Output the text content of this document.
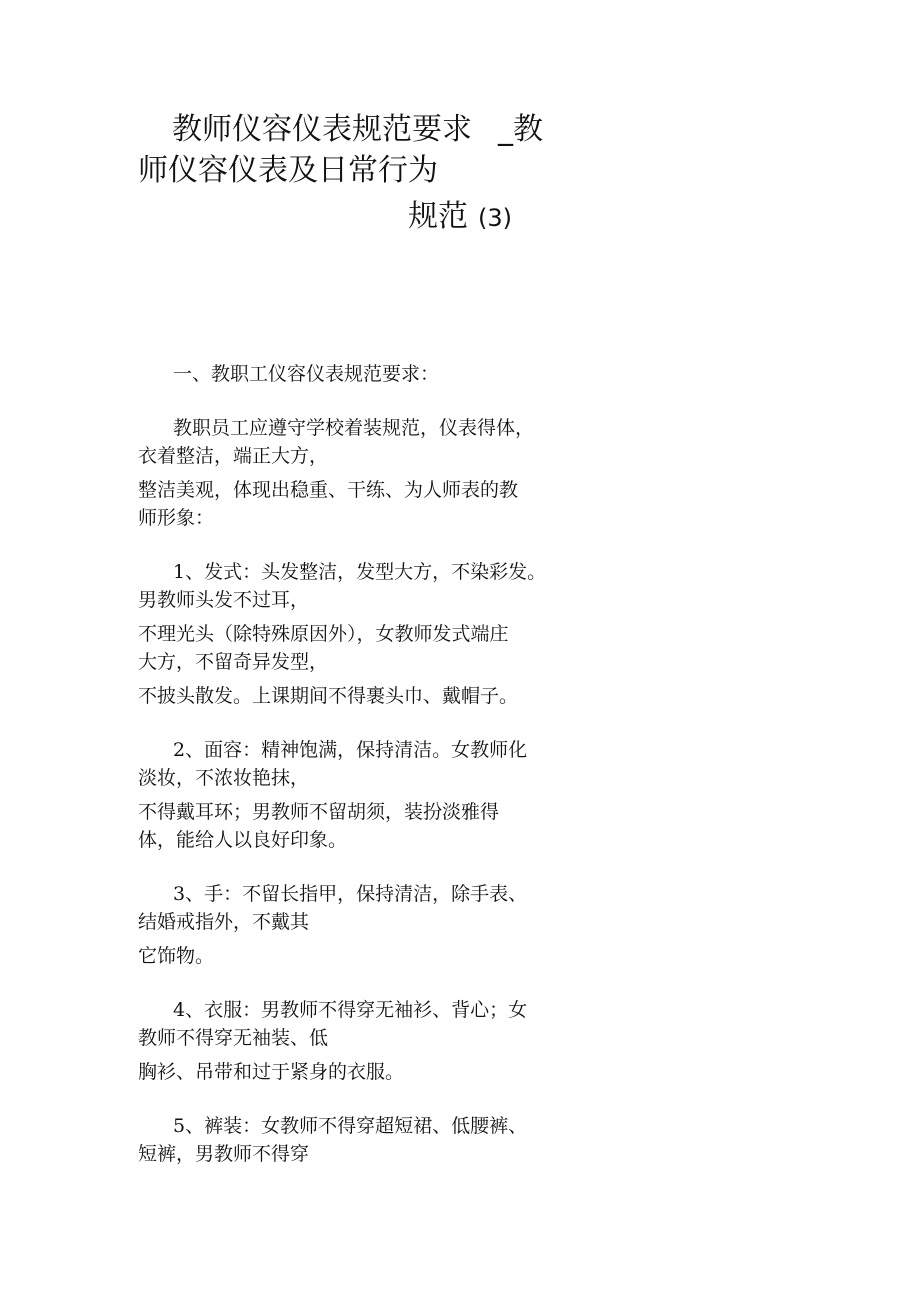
教师仪容仪表规范要求 _教
师仪容仪表及日常行为
规范 (3)

一、教职工仪容仪表规范要求：

教职员工应遵守学校着装规范，仪表得体，

衣着整洁，端正大方，

整洁美观，体现出稳重、干练、为人师表的教

师形象：

1、发式：头发整洁，发型大方，不染彩发。

男教师头发不过耳，

不理光头（除特殊原因外），女教师发式端庄

大方，不留奇异发型，

不披头散发。上课期间不得裹头巾、戴帽子。

2、面容：精神饱满，保持清洁。女教师化

淡妆，不浓妆艳抹，

不得戴耳环；男教师不留胡须，装扮淡雅得

体，能给人以良好印象。

3、手：不留长指甲，保持清洁，除手表、

结婚戒指外，不戴其

它饰物。

4、衣服：男教师不得穿无袖衫、背心；女

教师不得穿无袖装、低

胸衫、吊带和过于紧身的衣服。

5、裤装：女教师不得穿超短裙、低腰裤、

短裤，男教师不得穿
